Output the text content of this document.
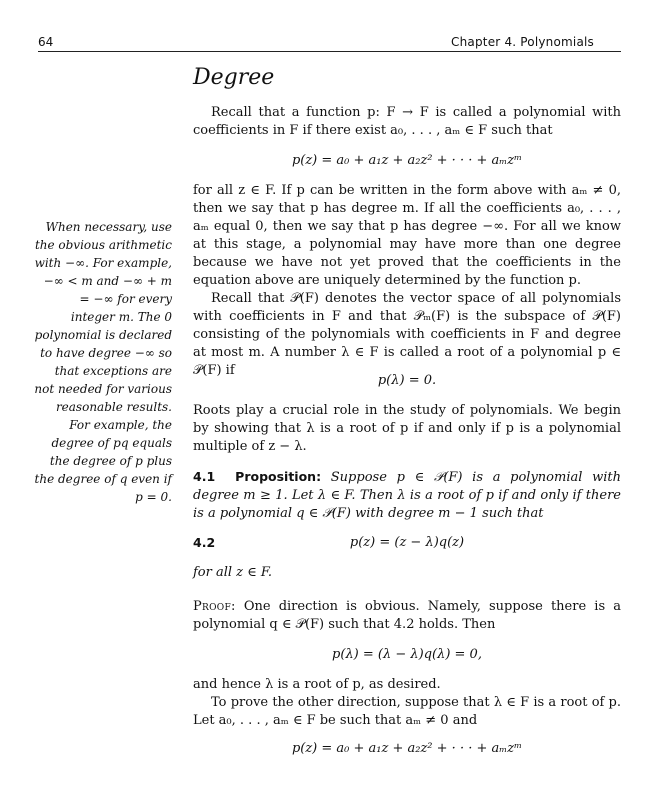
64	Chapter 4. Polynomials
Degree

Recall that a function p: F → F is called a polynomial with coefficients in F if there exist a₀, . . . , aₘ ∈ F such that

p(z) = a₀ + a₁z + a₂z² + · · · + aₘzᵐ

for all z ∈ F. If p can be written in the form above with aₘ ≠ 0, then we say that p has degree m. If all the coefficients a₀, . . . , aₘ equal 0, then we say that p has degree −∞. For all we know at this stage, a polynomial may have more than one degree because we have not yet proved that the coefficients in the equation above are uniquely determined by the function p.

Recall that 𝒫(F) denotes the vector space of all polynomials with coefficients in F and that 𝒫ₘ(F) is the subspace of 𝒫(F) consisting of the polynomials with coefficients in F and degree at most m. A number λ ∈ F is called a root of a polynomial p ∈ 𝒫(F) if

p(λ) = 0.

Roots play a crucial role in the study of polynomials. We begin by showing that λ is a root of p if and only if p is a polynomial multiple of z − λ.

4.1 Proposition: Suppose p ∈ 𝒫(F) is a polynomial with degree m ≥ 1. Let λ ∈ F. Then λ is a root of p if and only if there is a polynomial q ∈ 𝒫(F) with degree m − 1 such that

4.2	p(z) = (z − λ)q(z)

for all z ∈ F.

Proof: One direction is obvious. Namely, suppose there is a polynomial q ∈ 𝒫(F) such that 4.2 holds. Then

p(λ) = (λ − λ)q(λ) = 0,

and hence λ is a root of p, as desired.

To prove the other direction, suppose that λ ∈ F is a root of p. Let a₀, . . . , aₘ ∈ F be such that aₘ ≠ 0 and

p(z) = a₀ + a₁z + a₂z² + · · · + aₘzᵐ
When necessary, use the obvious arithmetic with −∞. For example, −∞ < m and −∞ + m = −∞ for every integer m. The 0 polynomial is declared to have degree −∞ so that exceptions are not needed for various reasonable results. For example, the degree of pq equals the degree of p plus the degree of q even if p = 0.
